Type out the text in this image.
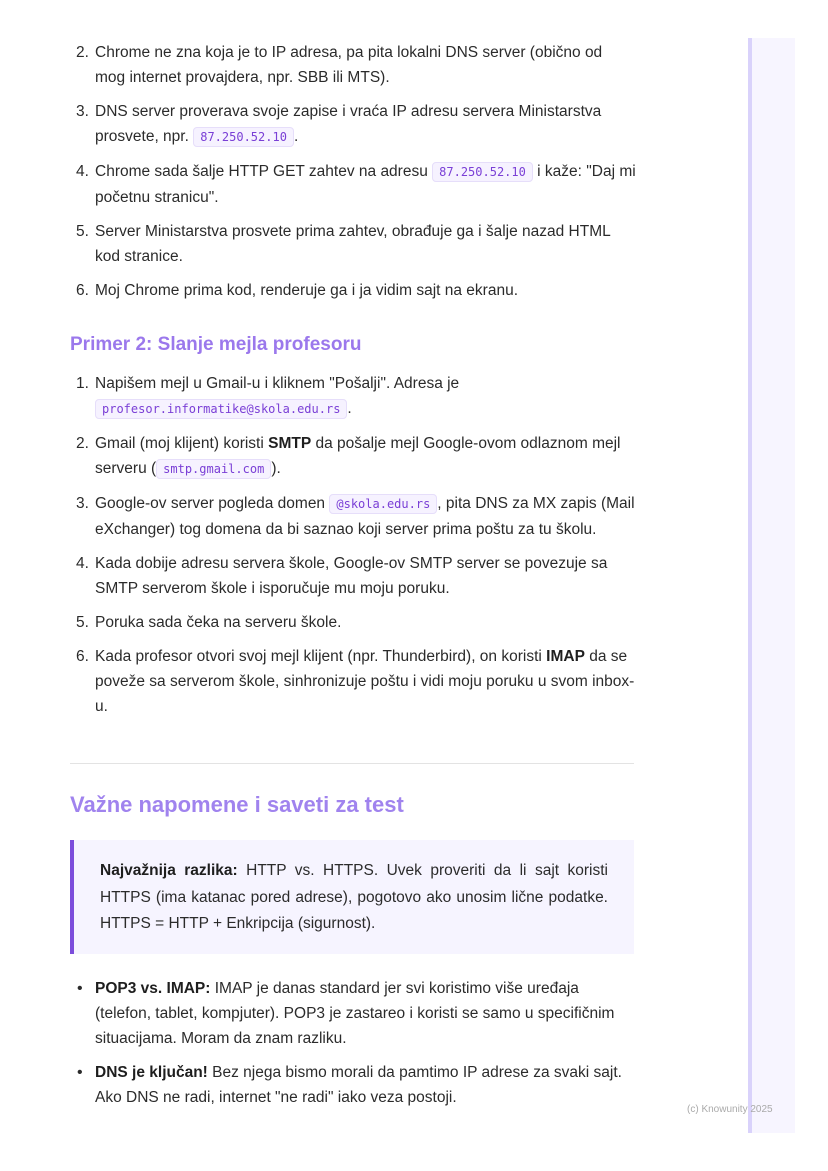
2. Chrome ne zna koja je to IP adresa, pa pita lokalni DNS server (obično od mog internet provajdera, npr. SBB ili MTS).
3. DNS server proverava svoje zapise i vraća IP adresu servera Ministarstva prosvete, npr. 87.250.52.10 .
4. Chrome sada šalje HTTP GET zahtev na adresu 87.250.52.10 i kaže: "Daj mi početnu stranicu".
5. Server Ministarstva prosvete prima zahtev, obrađuje ga i šalje nazad HTML kod stranice.
6. Moj Chrome prima kod, renderuje ga i ja vidim sajt na ekranu.
Primer 2: Slanje mejla profesoru
1. Napišem mejl u Gmail-u i kliknem "Pošalji". Adresa je
profesor.informatike@skola.edu.rs .
2. Gmail (moj klijent) koristi SMTP da pošalje mejl Google-ovom odlaznom mejl serveru ( smtp.gmail.com ).
3. Google-ov server pogleda domen @skola.edu.rs , pita DNS za MX zapis (Mail eXchanger) tog domena da bi saznao koji server prima poštu za tu školu.
4. Kada dobije adresu servera škole, Google-ov SMTP server se povezuje sa SMTP serverom škole i isporučuje mu moju poruku.
5. Poruka sada čeka na serveru škole.
6. Kada profesor otvori svoj mejl klijent (npr. Thunderbird), on koristi IMAP da se poveže sa serverom škole, sinhronizuje poštu i vidi moju poruku u svom inbox-u.
Važne napomene i saveti za test
Najvažnija razlika: HTTP vs. HTTPS. Uvek proveriti da li sajt koristi HTTPS (ima katanac pored adrese), pogotovo ako unosim lične podatke. HTTPS = HTTP + Enkripcija (sigurnost).
• POP3 vs. IMAP: IMAP je danas standard jer svi koristimo više uređaja (telefon, tablet, kompjuter). POP3 je zastareo i koristi se samo u specifičnim situacijama. Moram da znam razliku.
• DNS je ključan! Bez njega bismo morali da pamtimo IP adrese za svaki sajt. Ako DNS ne radi, internet "ne radi" iako veza postoji.
(c) Knowunity 2025
